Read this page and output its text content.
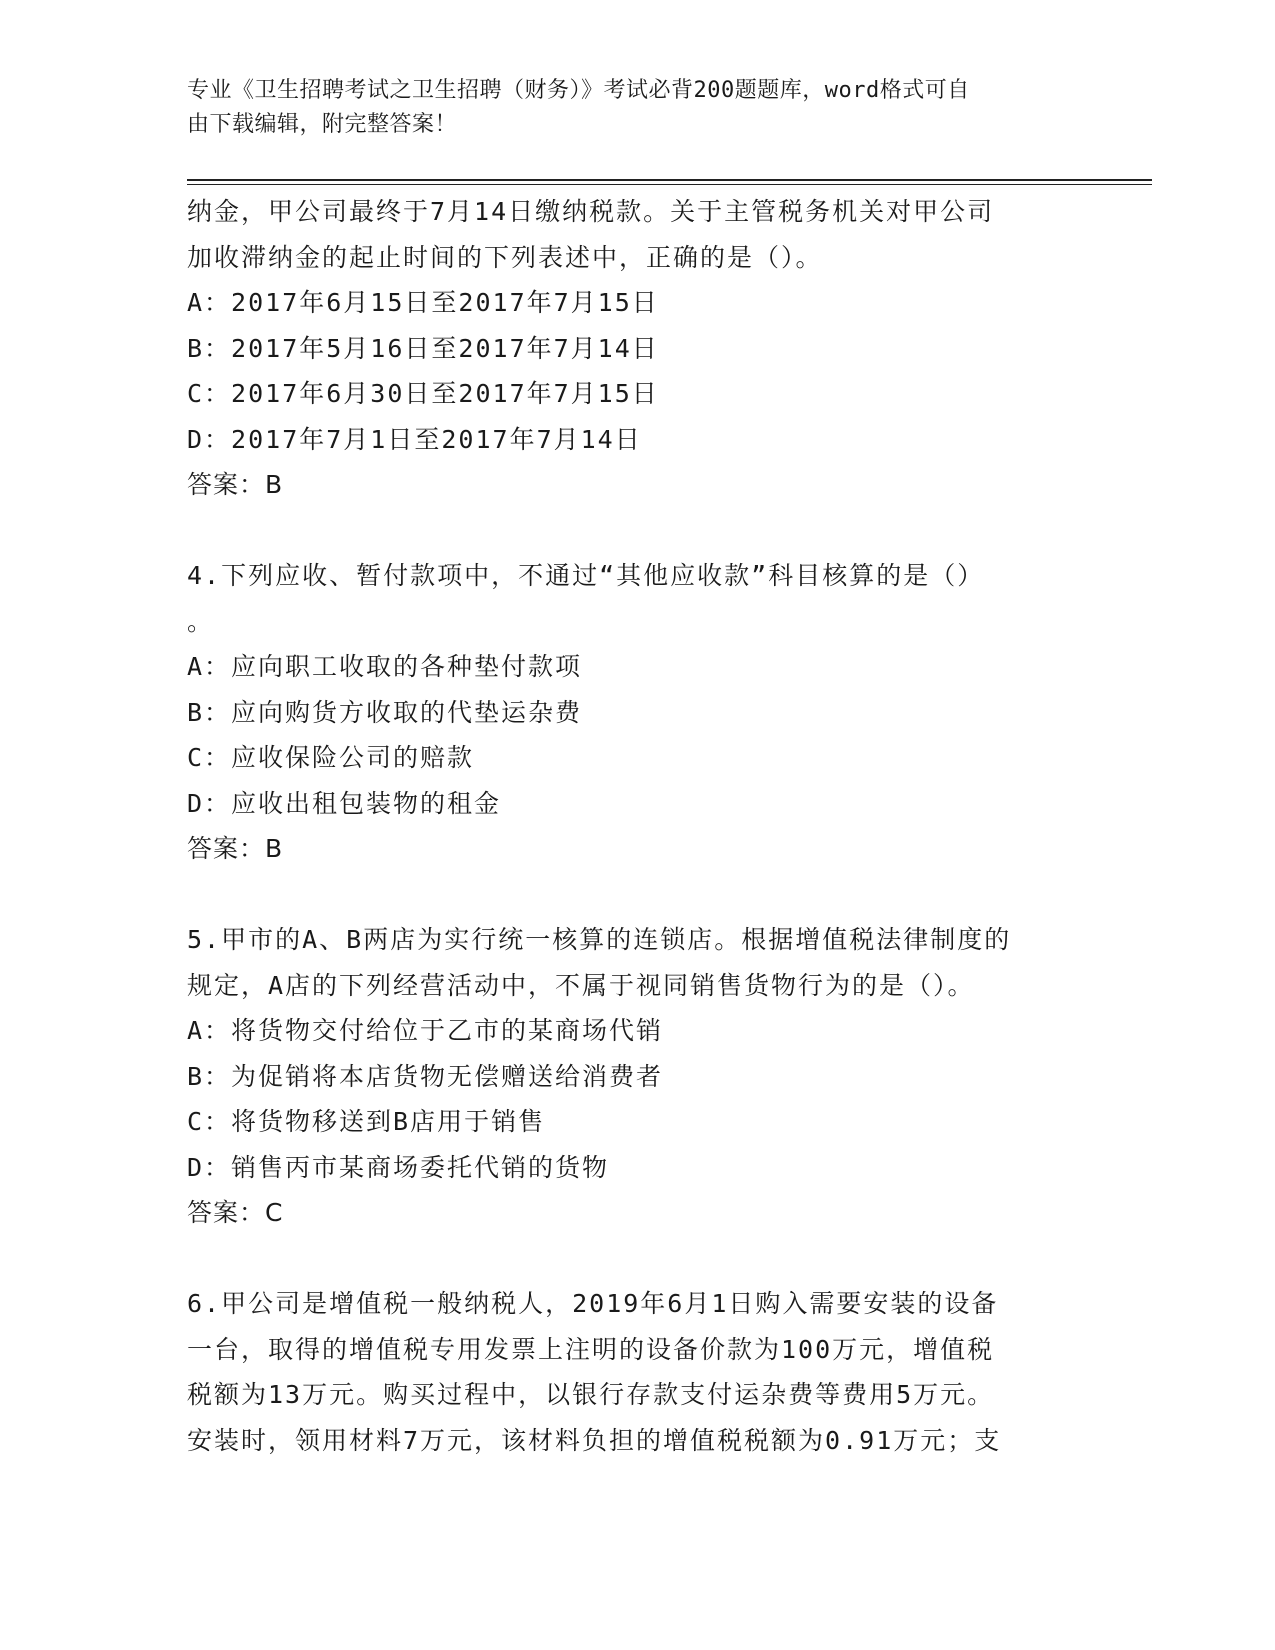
专业《卫生招聘考试之卫生招聘（财务）》考试必背200题题库，word格式可自
由下载编辑，附完整答案！
纳金，甲公司最终于7月14日缴纳税款。关于主管税务机关对甲公司
加收滞纳金的起止时间的下列表述中，正确的是（）。
A：2017年6月15日至2017年7月15日
B：2017年5月16日至2017年7月14日
C：2017年6月30日至2017年7月15日
D：2017年7月1日至2017年7月14日
答案：B
4.下列应收、暂付款项中，不通过“其他应收款”科目核算的是（）
。
A：应向职工收取的各种垫付款项
B：应向购货方收取的代垫运杂费
C：应收保险公司的赔款
D：应收出租包装物的租金
答案：B
5.甲市的A、B两店为实行统一核算的连锁店。根据增值税法律制度的
规定，A店的下列经营活动中，不属于视同销售货物行为的是（）。
A：将货物交付给位于乙市的某商场代销
B：为促销将本店货物无偿赠送给消费者
C：将货物移送到B店用于销售
D：销售丙市某商场委托代销的货物
答案：C
6.甲公司是增值税一般纳税人，2019年6月1日购入需要安装的设备
一台，取得的增值税专用发票上注明的设备价款为100万元，增值税
税额为13万元。购买过程中，以银行存款支付运杂费等费用5万元。
安装时，领用材料7万元，该材料负担的增值税税额为0.91万元；支
